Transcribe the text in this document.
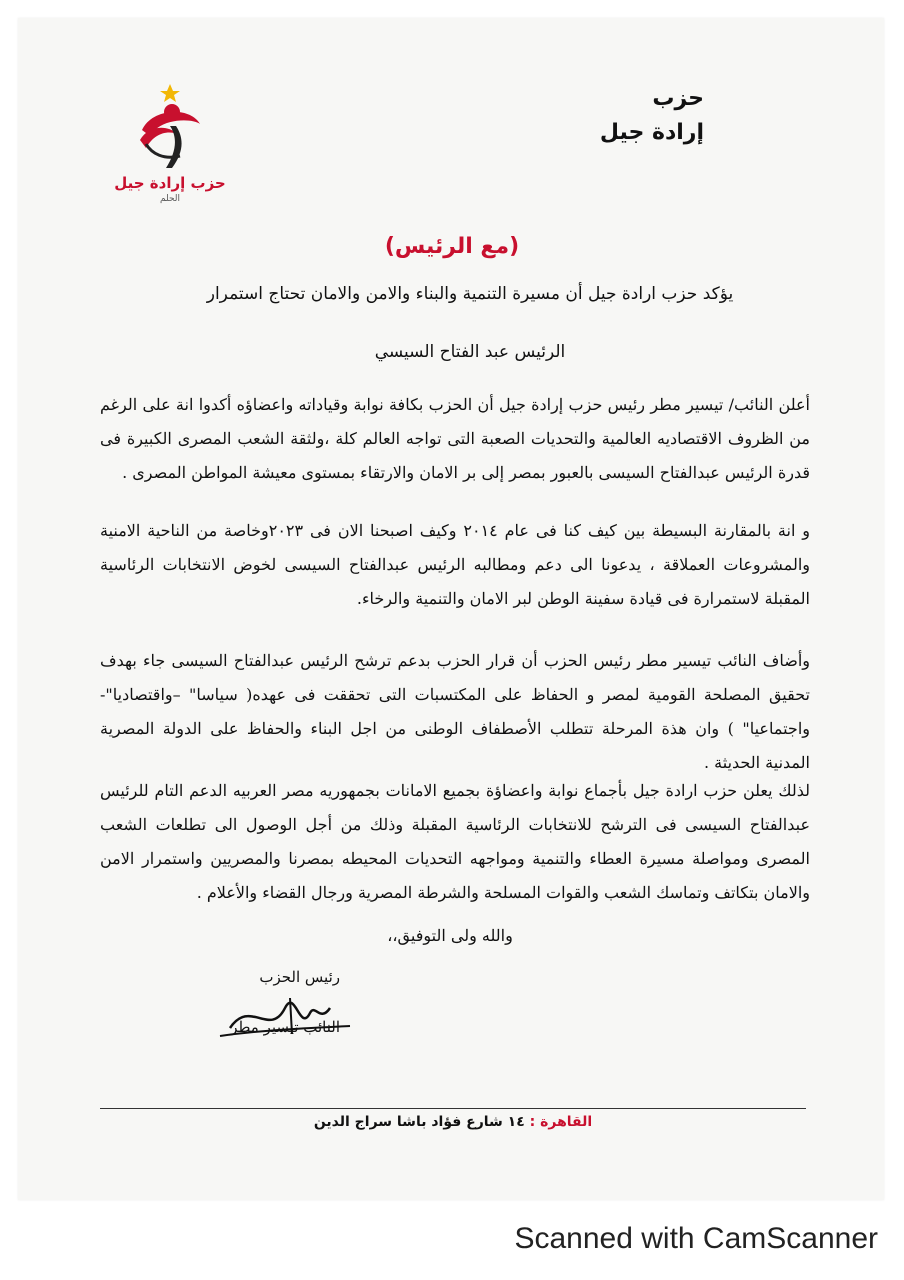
حزب
إرادة جيل
حزب إرادة جيل
الحلم
(مع الرئيس)
يؤكد حزب ارادة جيل أن مسيرة التنمية والبناء والامن والامان تحتاج استمرار
الرئيس عبد الفتاح السيسي
أعلن النائب/ تيسير مطر رئيس حزب إرادة جيل أن الحزب بكافة نوابة وقياداته واعضاؤه أكدوا انة على الرغم من الظروف الاقتصاديه العالمية والتحديات الصعبة التى تواجه العالم كلة ،ولثقة الشعب المصرى الكبيرة فى قدرة الرئيس عبدالفتاح السيسى بالعبور بمصر إلى بر الامان والارتقاء بمستوى معيشة المواطن المصرى .
و انة بالمقارنة البسيطة بين كيف كنا فى عام ٢٠١٤ وكيف اصبحنا الان فى ٢٠٢٣وخاصة من الناحية الامنية والمشروعات العملاقة ، يدعونا الى دعم ومطالبه الرئيس عبدالفتاح السيسى لخوض الانتخابات الرئاسية المقبلة لاستمرارة فى قيادة سفينة الوطن لبر الامان والتنمية والرخاء.
وأضاف النائب تيسير مطر رئيس الحزب أن قرار الحزب بدعم ترشح الرئيس عبدالفتاح السيسى جاء بهدف تحقيق المصلحة القومية لمصر و الحفاظ على المكتسبات التى تحققت فى عهده( سياسا" –واقتصاديا"- واجتماعيا" ) وان هذة المرحلة تتطلب الأصطفاف الوطنى من اجل البناء والحفاظ على الدولة المصرية المدنية الحديثة .
لذلك يعلن حزب ارادة جيل بأجماع نوابة واعضاؤة بجميع الامانات بجمهوريه مصر العربيه الدعم التام للرئيس عبدالفتاح السيسى فى الترشح للانتخابات الرئاسية المقبلة وذلك من أجل الوصول الى تطلعات الشعب المصرى ومواصلة مسيرة العطاء والتنمية ومواجهه التحديات المحيطه بمصرنا والمصريين واستمرار الامن والامان بتكاتف وتماسك الشعب والقوات المسلحة والشرطة المصرية ورجال القضاء والأعلام .
والله ولى التوفيق،،
رئيس الحزب
النائب تيسير مطر
القاهرة : ١٤ شارع فؤاد باشا سراج الدين
Scanned with CamScanner
